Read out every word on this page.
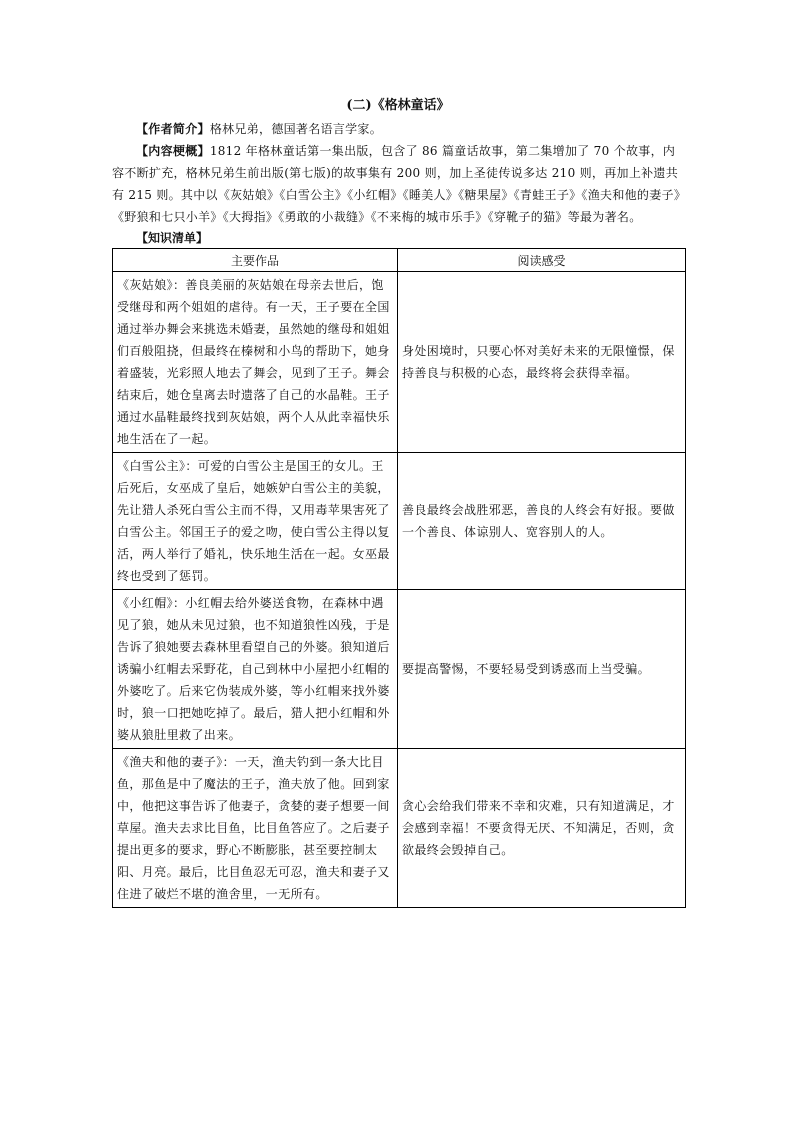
(二)《格林童话》

【作者简介】格林兄弟，德国著名语言学家。

【内容梗概】1812 年格林童话第一集出版，包含了 86 篇童话故事，第二集增加了 70 个故事，内容不断扩充，格林兄弟生前出版(第七版)的故事集有 200 则，加上圣徒传说多达 210 则，再加上补遗共有 215 则。其中以《灰姑娘》《白雪公主》《小红帽》《睡美人》《糖果屋》《青蛙王子》《渔夫和他的妻子》《野狼和七只小羊》《大拇指》《勇敢的小裁缝》《不来梅的城市乐手》《穿靴子的猫》等最为著名。

【知识清单】

主要作品	阅读感受
《灰姑娘》：善良美丽的灰姑娘在母亲去世后，饱受继母和两个姐姐的虐待。有一天，王子要在全国通过举办舞会来挑选未婚妻，虽然她的继母和姐姐们百般阻挠，但最终在榛树和小鸟的帮助下，她身着盛装，光彩照人地去了舞会，见到了王子。舞会结束后，她仓皇离去时遗落了自己的水晶鞋。王子通过水晶鞋最终找到灰姑娘，两个人从此幸福快乐地生活在了一起。	身处困境时，只要心怀对美好未来的无限憧憬，保持善良与积极的心态，最终将会获得幸福。
《白雪公主》：可爱的白雪公主是国王的女儿。王后死后，女巫成了皇后，她嫉妒白雪公主的美貌，先让猎人杀死白雪公主而不得，又用毒苹果害死了白雪公主。邻国王子的爱之吻，使白雪公主得以复活，两人举行了婚礼，快乐地生活在一起。女巫最终也受到了惩罚。	善良最终会战胜邪恶，善良的人终会有好报。要做一个善良、体谅别人、宽容别人的人。
《小红帽》：小红帽去给外婆送食物，在森林中遇见了狼，她从未见过狼，也不知道狼性凶残，于是告诉了狼她要去森林里看望自己的外婆。狼知道后诱骗小红帽去采野花，自己到林中小屋把小红帽的外婆吃了。后来它伪装成外婆，等小红帽来找外婆时，狼一口把她吃掉了。最后，猎人把小红帽和外婆从狼肚里救了出来。	要提高警惕，不要轻易受到诱惑而上当受骗。
《渔夫和他的妻子》：一天，渔夫钓到一条大比目鱼，那鱼是中了魔法的王子，渔夫放了他。回到家中，他把这事告诉了他妻子，贪婪的妻子想要一间草屋。渔夫去求比目鱼，比目鱼答应了。之后妻子提出更多的要求，野心不断膨胀，甚至要控制太阳、月亮。最后，比目鱼忍无可忍，渔夫和妻子又住进了破烂不堪的渔舍里，一无所有。	贪心会给我们带来不幸和灾难，只有知道满足，才会感到幸福！不要贪得无厌、不知满足，否则，贪欲最终会毁掉自己。
